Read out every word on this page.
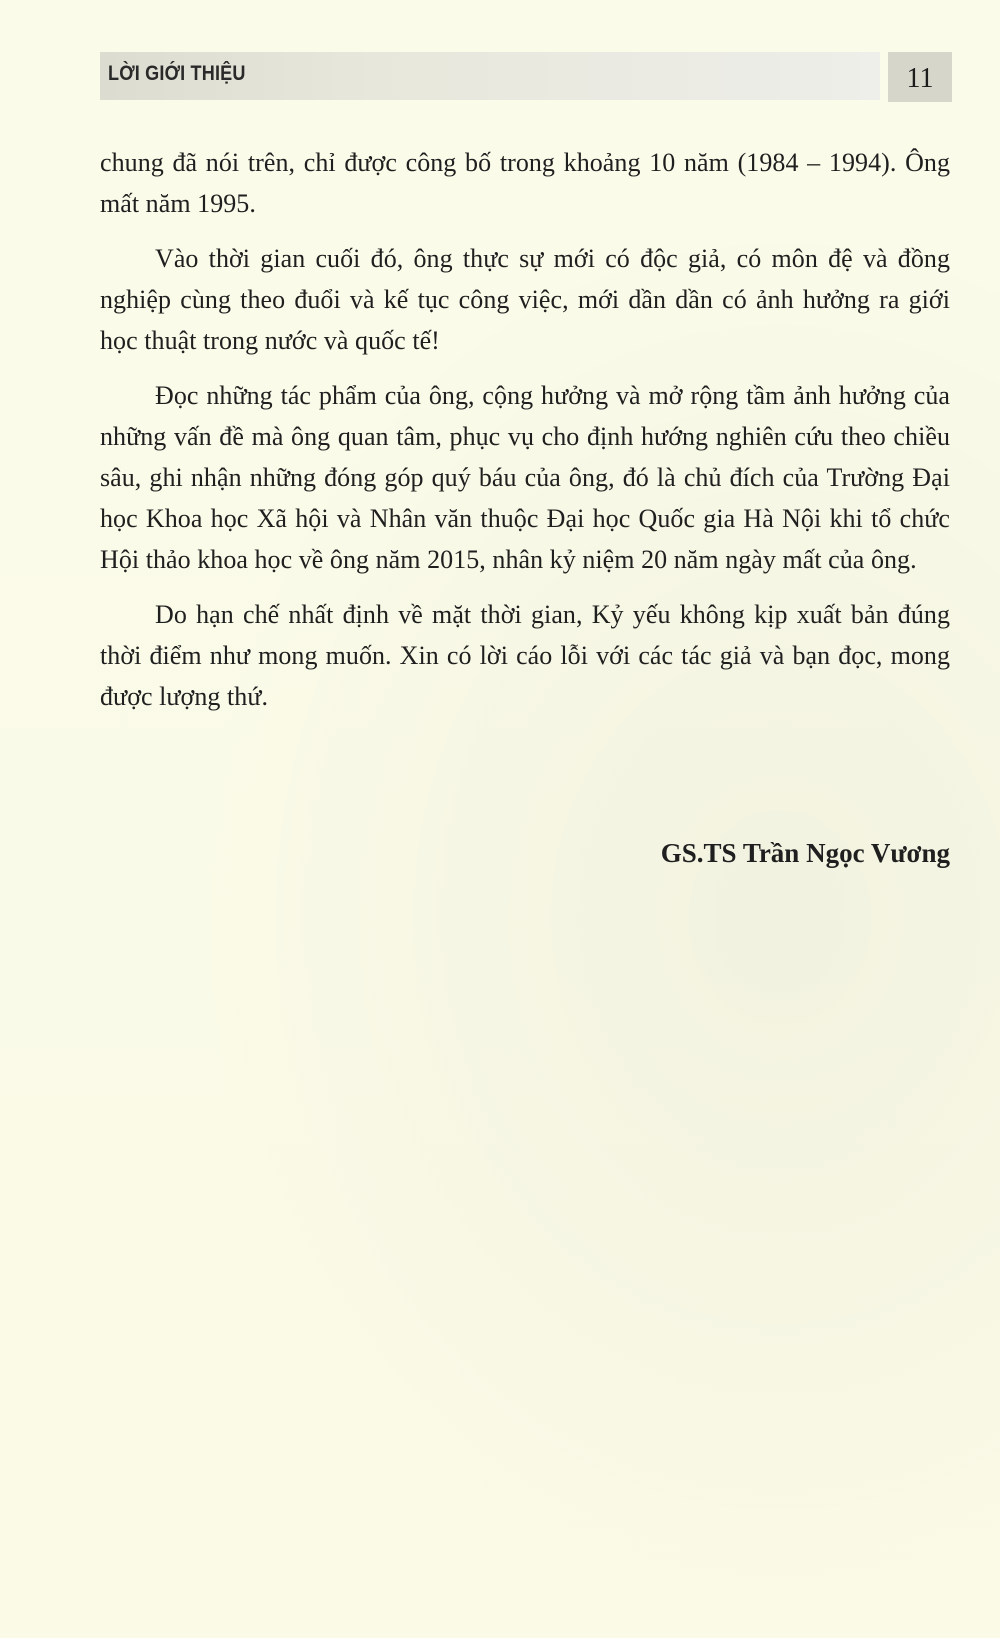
LỜI GIỚI THIỆU	11

chung đã nói trên, chỉ được công bố trong khoảng 10 năm (1984 – 1994). Ông mất năm 1995.

Vào thời gian cuối đó, ông thực sự mới có độc giả, có môn đệ và đồng nghiệp cùng theo đuổi và kế tục công việc, mới dần dần có ảnh hưởng ra giới học thuật trong nước và quốc tế!

Đọc những tác phẩm của ông, cộng hưởng và mở rộng tầm ảnh hưởng của những vấn đề mà ông quan tâm, phục vụ cho định hướng nghiên cứu theo chiều sâu, ghi nhận những đóng góp quý báu của ông, đó là chủ đích của Trường Đại học Khoa học Xã hội và Nhân văn thuộc Đại học Quốc gia Hà Nội khi tổ chức Hội thảo khoa học về ông năm 2015, nhân kỷ niệm 20 năm ngày mất của ông.

Do hạn chế nhất định về mặt thời gian, Kỷ yếu không kịp xuất bản đúng thời điểm như mong muốn. Xin có lời cáo lỗi với các tác giả và bạn đọc, mong được lượng thứ.

GS.TS Trần Ngọc Vương
